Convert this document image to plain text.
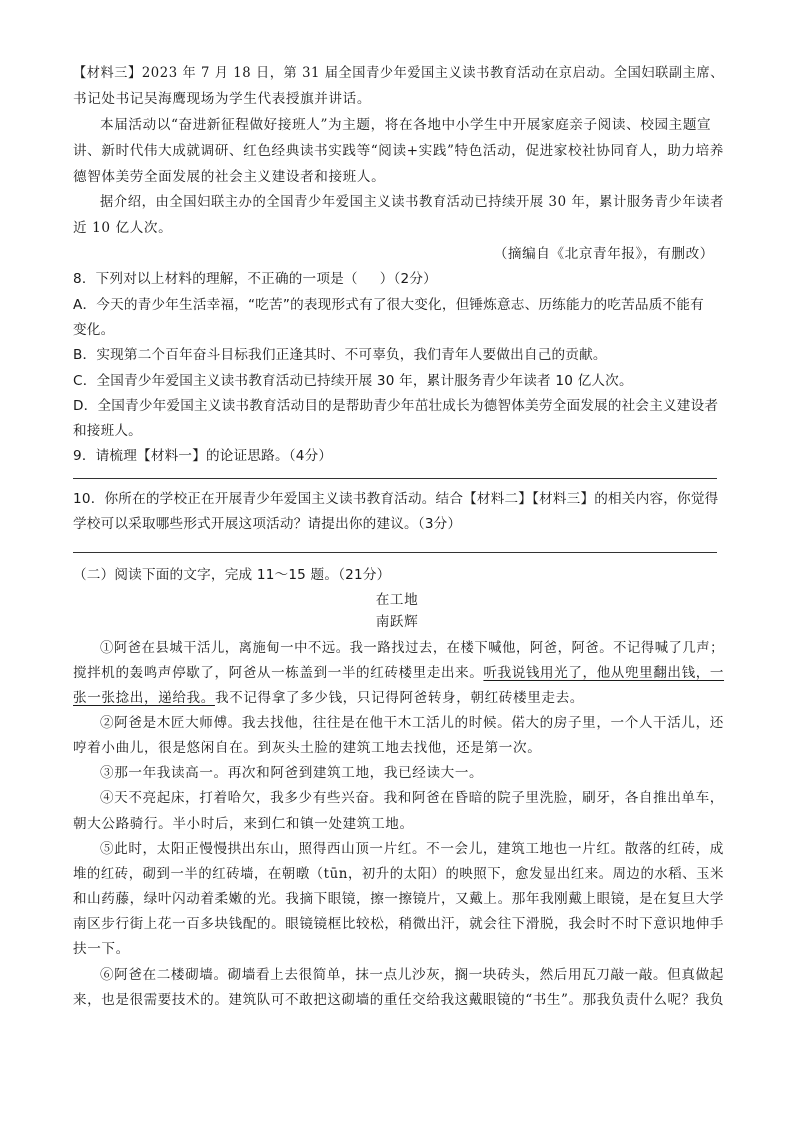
【材料三】2023 年 7 月 18 日，第 31 届全国青少年爱国主义读书教育活动在京启动。全国妇联副主席、
书记处书记吴海鹰现场为学生代表授旗并讲话。
本届活动以“奋进新征程做好接班人”为主题，将在各地中小学生中开展家庭亲子阅读、校园主题宣
讲、新时代伟大成就调研、红色经典读书实践等“阅读+实践”特色活动，促进家校社协同育人，助力培养
德智体美劳全面发展的社会主义建设者和接班人。
据介绍，由全国妇联主办的全国青少年爱国主义读书教育活动已持续开展 30 年，累计服务青少年读者
近 10 亿人次。
（摘编自《北京青年报》，有删改）
8．下列对以上材料的理解，不正确的一项是（ ）（2分）
A．今天的青少年生活幸福，“吃苦”的表现形式有了很大变化，但锤炼意志、历练能力的吃苦品质不能有
变化。
B．实现第二个百年奋斗目标我们正逢其时、不可辜负，我们青年人要做出自己的贡献。
C．全国青少年爱国主义读书教育活动已持续开展 30 年，累计服务青少年读者 10 亿人次。
D．全国青少年爱国主义读书教育活动目的是帮助青少年茁壮成长为德智体美劳全面发展的社会主义建设者
和接班人。
9．请梳理【材料一】的论证思路。（4分）
10．你所在的学校正在开展青少年爱国主义读书教育活动。结合【材料二】【材料三】的相关内容，你觉得
学校可以采取哪些形式开展这项活动？请提出你的建议。（3分）
（二）阅读下面的文字，完成 11～15 题。（21分）
在工地
南跃辉
①阿爸在县城干活儿，离施甸一中不远。我一路找过去，在楼下喊他，阿爸，阿爸。不记得喊了几声；
搅拌机的轰鸣声停歇了，阿爸从一栋盖到一半的红砖楼里走出来。听我说钱用光了，他从兜里翻出钱，一
张一张捻出，递给我。我不记得拿了多少钱，只记得阿爸转身，朝红砖楼里走去。
②阿爸是木匠大师傅。我去找他，往往是在他干木工活儿的时候。偌大的房子里，一个人干活儿，还
哼着小曲儿，很是悠闲自在。到灰头土脸的建筑工地去找他，还是第一次。
③那一年我读高一。再次和阿爸到建筑工地，我已经读大一。
④天不亮起床，打着哈欠，我多少有些兴奋。我和阿爸在昏暗的院子里洗脸，刷牙，各自推出单车，
朝大公路骑行。半小时后，来到仁和镇一处建筑工地。
⑤此时，太阳正慢慢拱出东山，照得西山顶一片红。不一会儿，建筑工地也一片红。散落的红砖，成
堆的红砖，砌到一半的红砖墙，在朝暾（tūn，初升的太阳）的映照下，愈发显出红来。周边的水稻、玉米
和山药藤，绿叶闪动着柔嫩的光。我摘下眼镜，擦一擦镜片，又戴上。那年我刚戴上眼镜，是在复旦大学
南区步行街上花一百多块钱配的。眼镜镜框比较松，稍微出汗，就会往下滑脱，我会时不时下意识地伸手
扶一下。
⑥阿爸在二楼砌墙。砌墙看上去很简单，抹一点儿沙灰，搁一块砖头，然后用瓦刀敲一敲。但真做起
来，也是很需要技术的。建筑队可不敢把这砌墙的重任交给我这戴眼镜的“书生”。那我负责什么呢？我负
